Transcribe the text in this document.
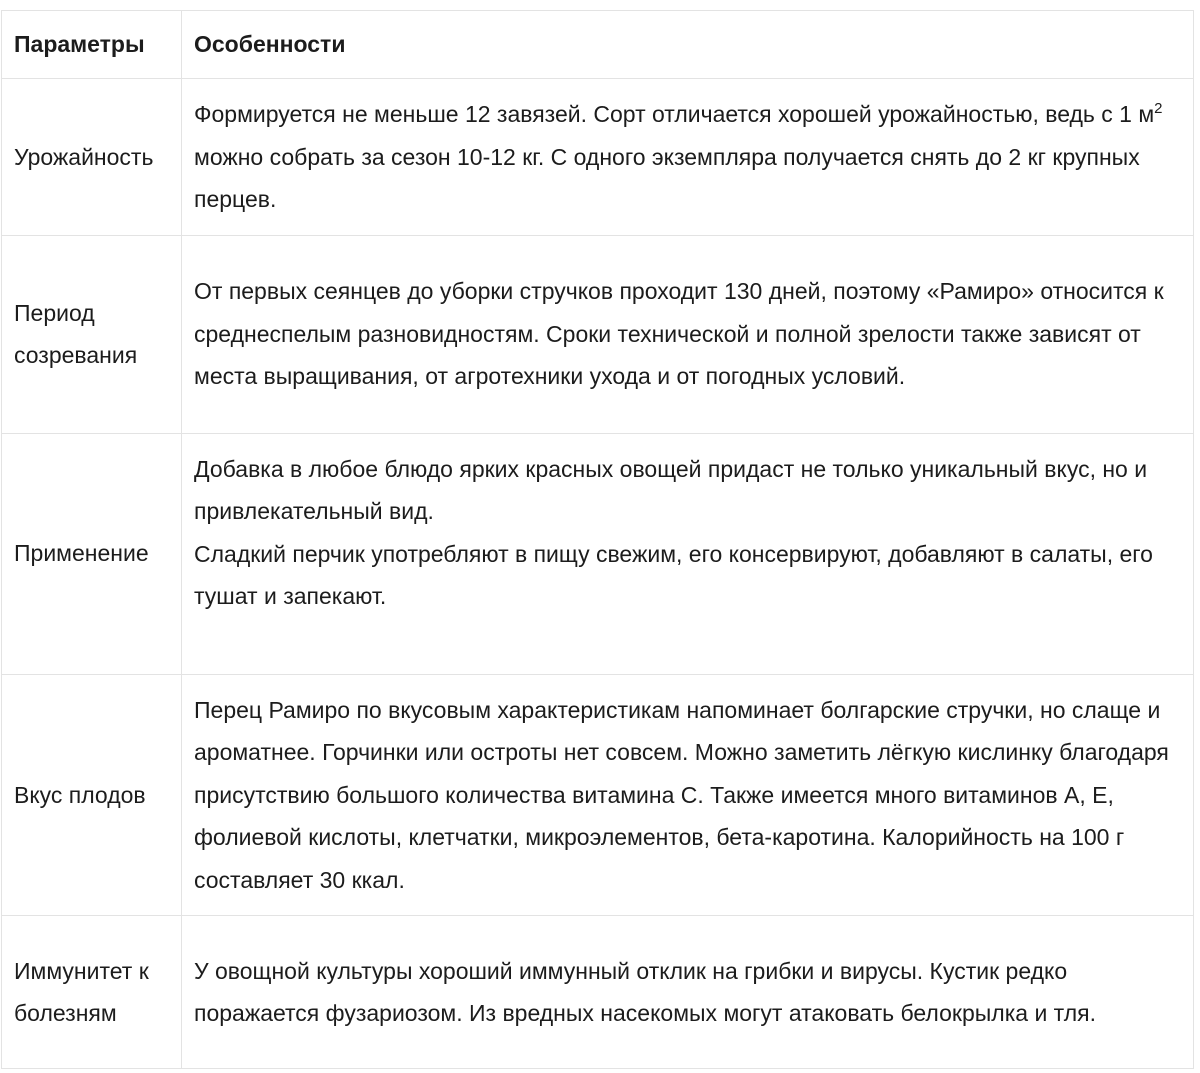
Параметры	Особенности
Урожайность	Формируется не меньше 12 завязей. Сорт отличается хорошей урожайностью, ведь с 1 $м^2$ можно собрать за сезон 10-12 кг. С одного экземпляра получается снять до 2 кг крупных перцев.

Период созревания	От первых сеянцев до уборки стручков проходит 130 дней, поэтому «Рамиро» относится к среднеспелым разновидностям. Сроки технической и полной зрелости также зависят от места выращивания, от агротехники ухода и от погодных условий.

Применение	Добавка в любое блюдо ярких красных овощей придаст не только уникальный вкус, но и привлекательный вид.
Сладкий перчик употребляют в пищу свежим, его консервируют, добавляют в салаты, его тушат и запекают.

Вкус плодов	Перец Рамиро по вкусовым характеристикам напоминает болгарские стручки, но слаще и ароматнее. Горчинки или остроты нет совсем. Можно заметить лёгкую кислинку благодаря присутствию большого количества витамина С. Также имеется много витаминов А, Е, фолиевой кислоты, клетчатки, микроэлементов, бета-каротина. Калорийность на 100 г составляет 30 ккал.

Иммунитет к болезням	У овощной культуры хороший иммунный отклик на грибки и вирусы. Кустик редко поражается фузариозом. Из вредных насекомых могут атаковать белокрылка и тля.
